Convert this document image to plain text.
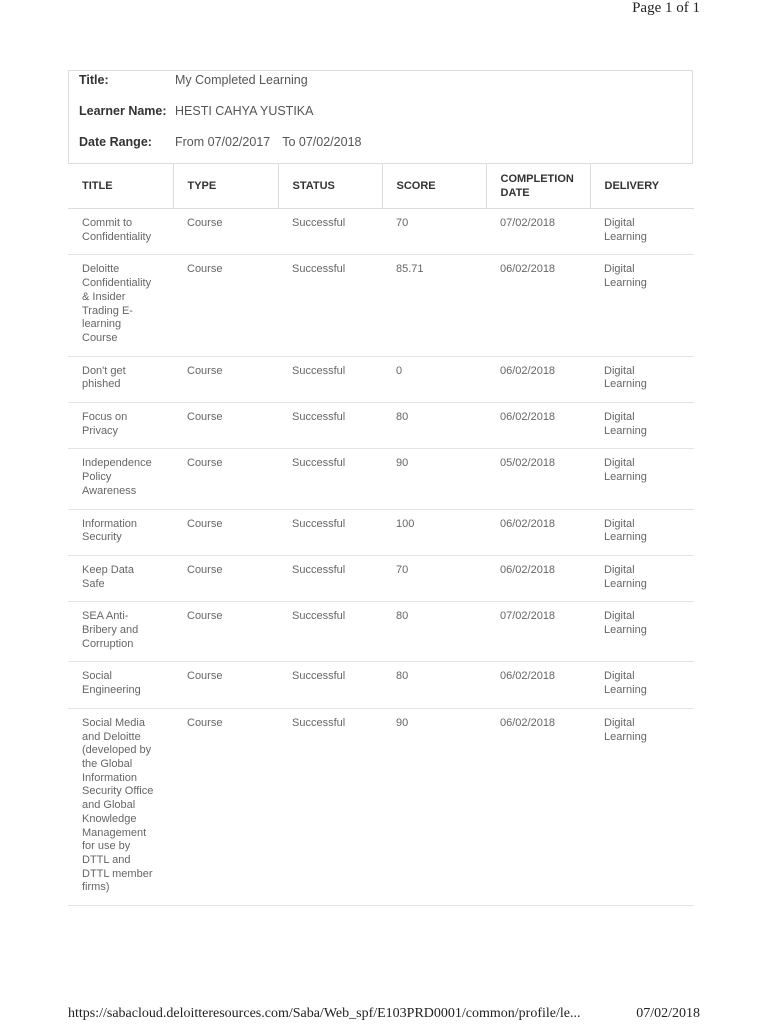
Page 1 of 1
Title:	My Completed Learning
Learner Name: HESTI CAHYA YUSTIKA
Date Range: From 07/02/2017 To 07/02/2018
TITLE	TYPE	STATUS	SCORE	COMPLETION DATE	DELIVERY
Commit to Confidentiality	Course	Successful	70	07/02/2018	Digital Learning
Deloitte Confidentiality & Insider Trading E-learning Course	Course	Successful	85.71	06/02/2018	Digital Learning
Don't get phished	Course	Successful	0	06/02/2018	Digital Learning
Focus on Privacy	Course	Successful	80	06/02/2018	Digital Learning
Independence Policy Awareness	Course	Successful	90	05/02/2018	Digital Learning
Information Security	Course	Successful	100	06/02/2018	Digital Learning
Keep Data Safe	Course	Successful	70	06/02/2018	Digital Learning
SEA Anti-Bribery and Corruption	Course	Successful	80	07/02/2018	Digital Learning
Social Engineering	Course	Successful	80	06/02/2018	Digital Learning
Social Media and Deloitte (developed by the Global Information Security Office and Global Knowledge Management for use by DTTL and DTTL member firms)	Course	Successful	90	06/02/2018	Digital Learning
https://sabacloud.deloitteresources.com/Saba/Web_spf/E103PRD0001/common/profile/le...	07/02/2018
